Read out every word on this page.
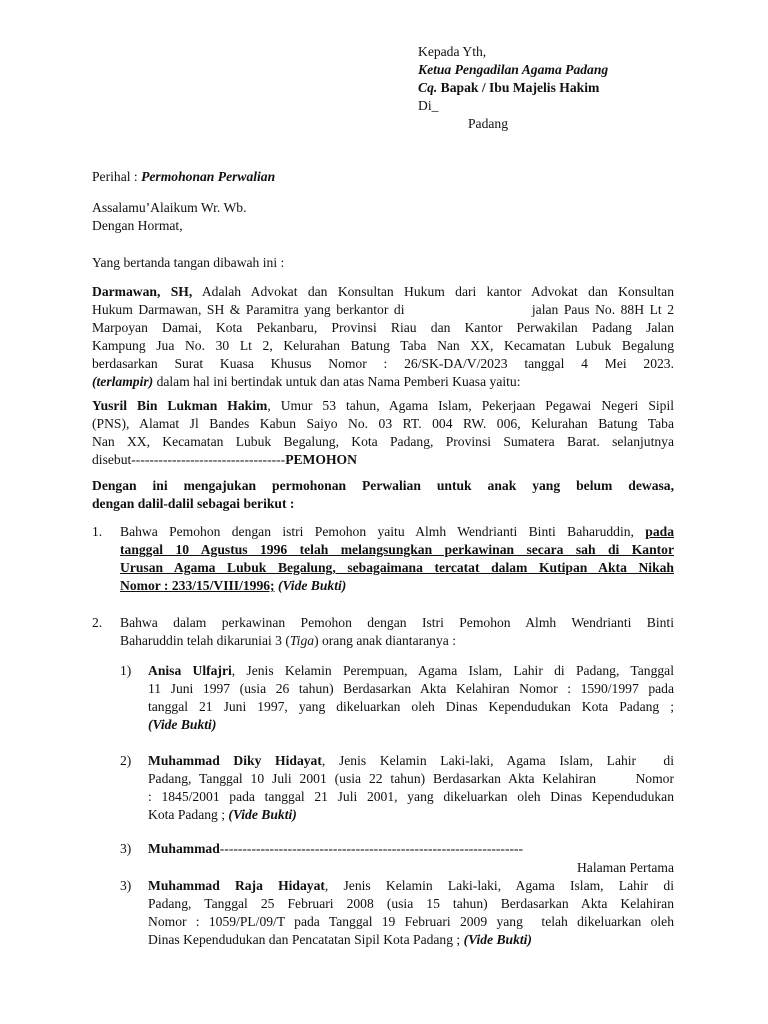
Kepada Yth,
Ketua Pengadilan Agama Padang
Cq. Bapak / Ibu Majelis Hakim
Di_
Padang
Perihal : Permohonan Perwalian
Assalamu’Alaikum Wr. Wb.
Dengan Hormat,
Yang bertanda tangan dibawah ini :
Darmawan, SH, Adalah Advokat dan Konsultan Hukum dari kantor Advokat dan Konsultan
Hukum Darmawan, SH & Paramitra yang berkantor di                       jalan Paus No. 88H Lt 2
Marpoyan Damai, Kota Pekanbaru, Provinsi Riau dan Kantor Perwakilan Padang Jalan
Kampung Jua No. 30 Lt 2, Kelurahan Batung Taba Nan XX, Kecamatan Lubuk Begalung
berdasarkan Surat Kuasa Khusus Nomor : 26/SK-DA/V/2023 tanggal 4 Mei 2023.
(terlampir) dalam hal ini bertindak untuk dan atas Nama Pemberi Kuasa yaitu:
Yusril Bin Lukman Hakim, Umur 53 tahun, Agama Islam, Pekerjaan Pegawai Negeri Sipil
(PNS), Alamat Jl Bandes Kabun Saiyo No. 03 RT. 004 RW. 006, Kelurahan Batung Taba
Nan XX, Kecamatan Lubuk Begalung, Kota Padang, Provinsi Sumatera Barat. selanjutnya
disebut----------------------------------PEMOHON
Dengan ini mengajukan permohonan Perwalian untuk anak yang belum dewasa,
dengan dalil-dalil sebagai berikut :
1. Bahwa Pemohon dengan istri Pemohon yaitu Almh Wendrianti Binti Baharuddin, pada
tanggal 10 Agustus 1996 telah melangsungkan perkawinan secara sah di Kantor
Urusan Agama Lubuk Begalung, sebagaimana tercatat dalam Kutipan Akta Nikah
Nomor : 233/15/VIII/1996; (Vide Bukti)
2. Bahwa dalam perkawinan Pemohon dengan Istri Pemohon Almh Wendrianti Binti
Baharuddin telah dikaruniai 3 (Tiga) orang anak diantaranya :
1) Anisa Ulfajri, Jenis Kelamin Perempuan, Agama Islam, Lahir di Padang, Tanggal
11 Juni 1997 (usia 26 tahun) Berdasarkan Akta Kelahiran Nomor : 1590/1997 pada
tanggal 21 Juni 1997, yang dikeluarkan oleh Dinas Kependudukan Kota Padang ;
(Vide Bukti)
2) Muhammad Diky Hidayat, Jenis Kelamin Laki-laki, Agama Islam, Lahir  di
Padang, Tanggal 10 Juli 2001 (usia 22 tahun) Berdasarkan Akta Kelahiran     Nomor
: 1845/2001 pada tanggal 21 Juli 2001, yang dikeluarkan oleh Dinas Kependudukan
Kota Padang ; (Vide Bukti)
3) Muhammad-------------------------------------------------------------------
Halaman Pertama
3) Muhammad Raja Hidayat, Jenis Kelamin Laki-laki, Agama Islam, Lahir di
Padang, Tanggal 25 Februari 2008 (usia 15 tahun) Berdasarkan Akta Kelahiran
Nomor : 1059/PL/09/T pada Tanggal 19 Februari 2009 yang  telah dikeluarkan oleh
Dinas Kependudukan dan Pencatatan Sipil Kota Padang ; (Vide Bukti)
